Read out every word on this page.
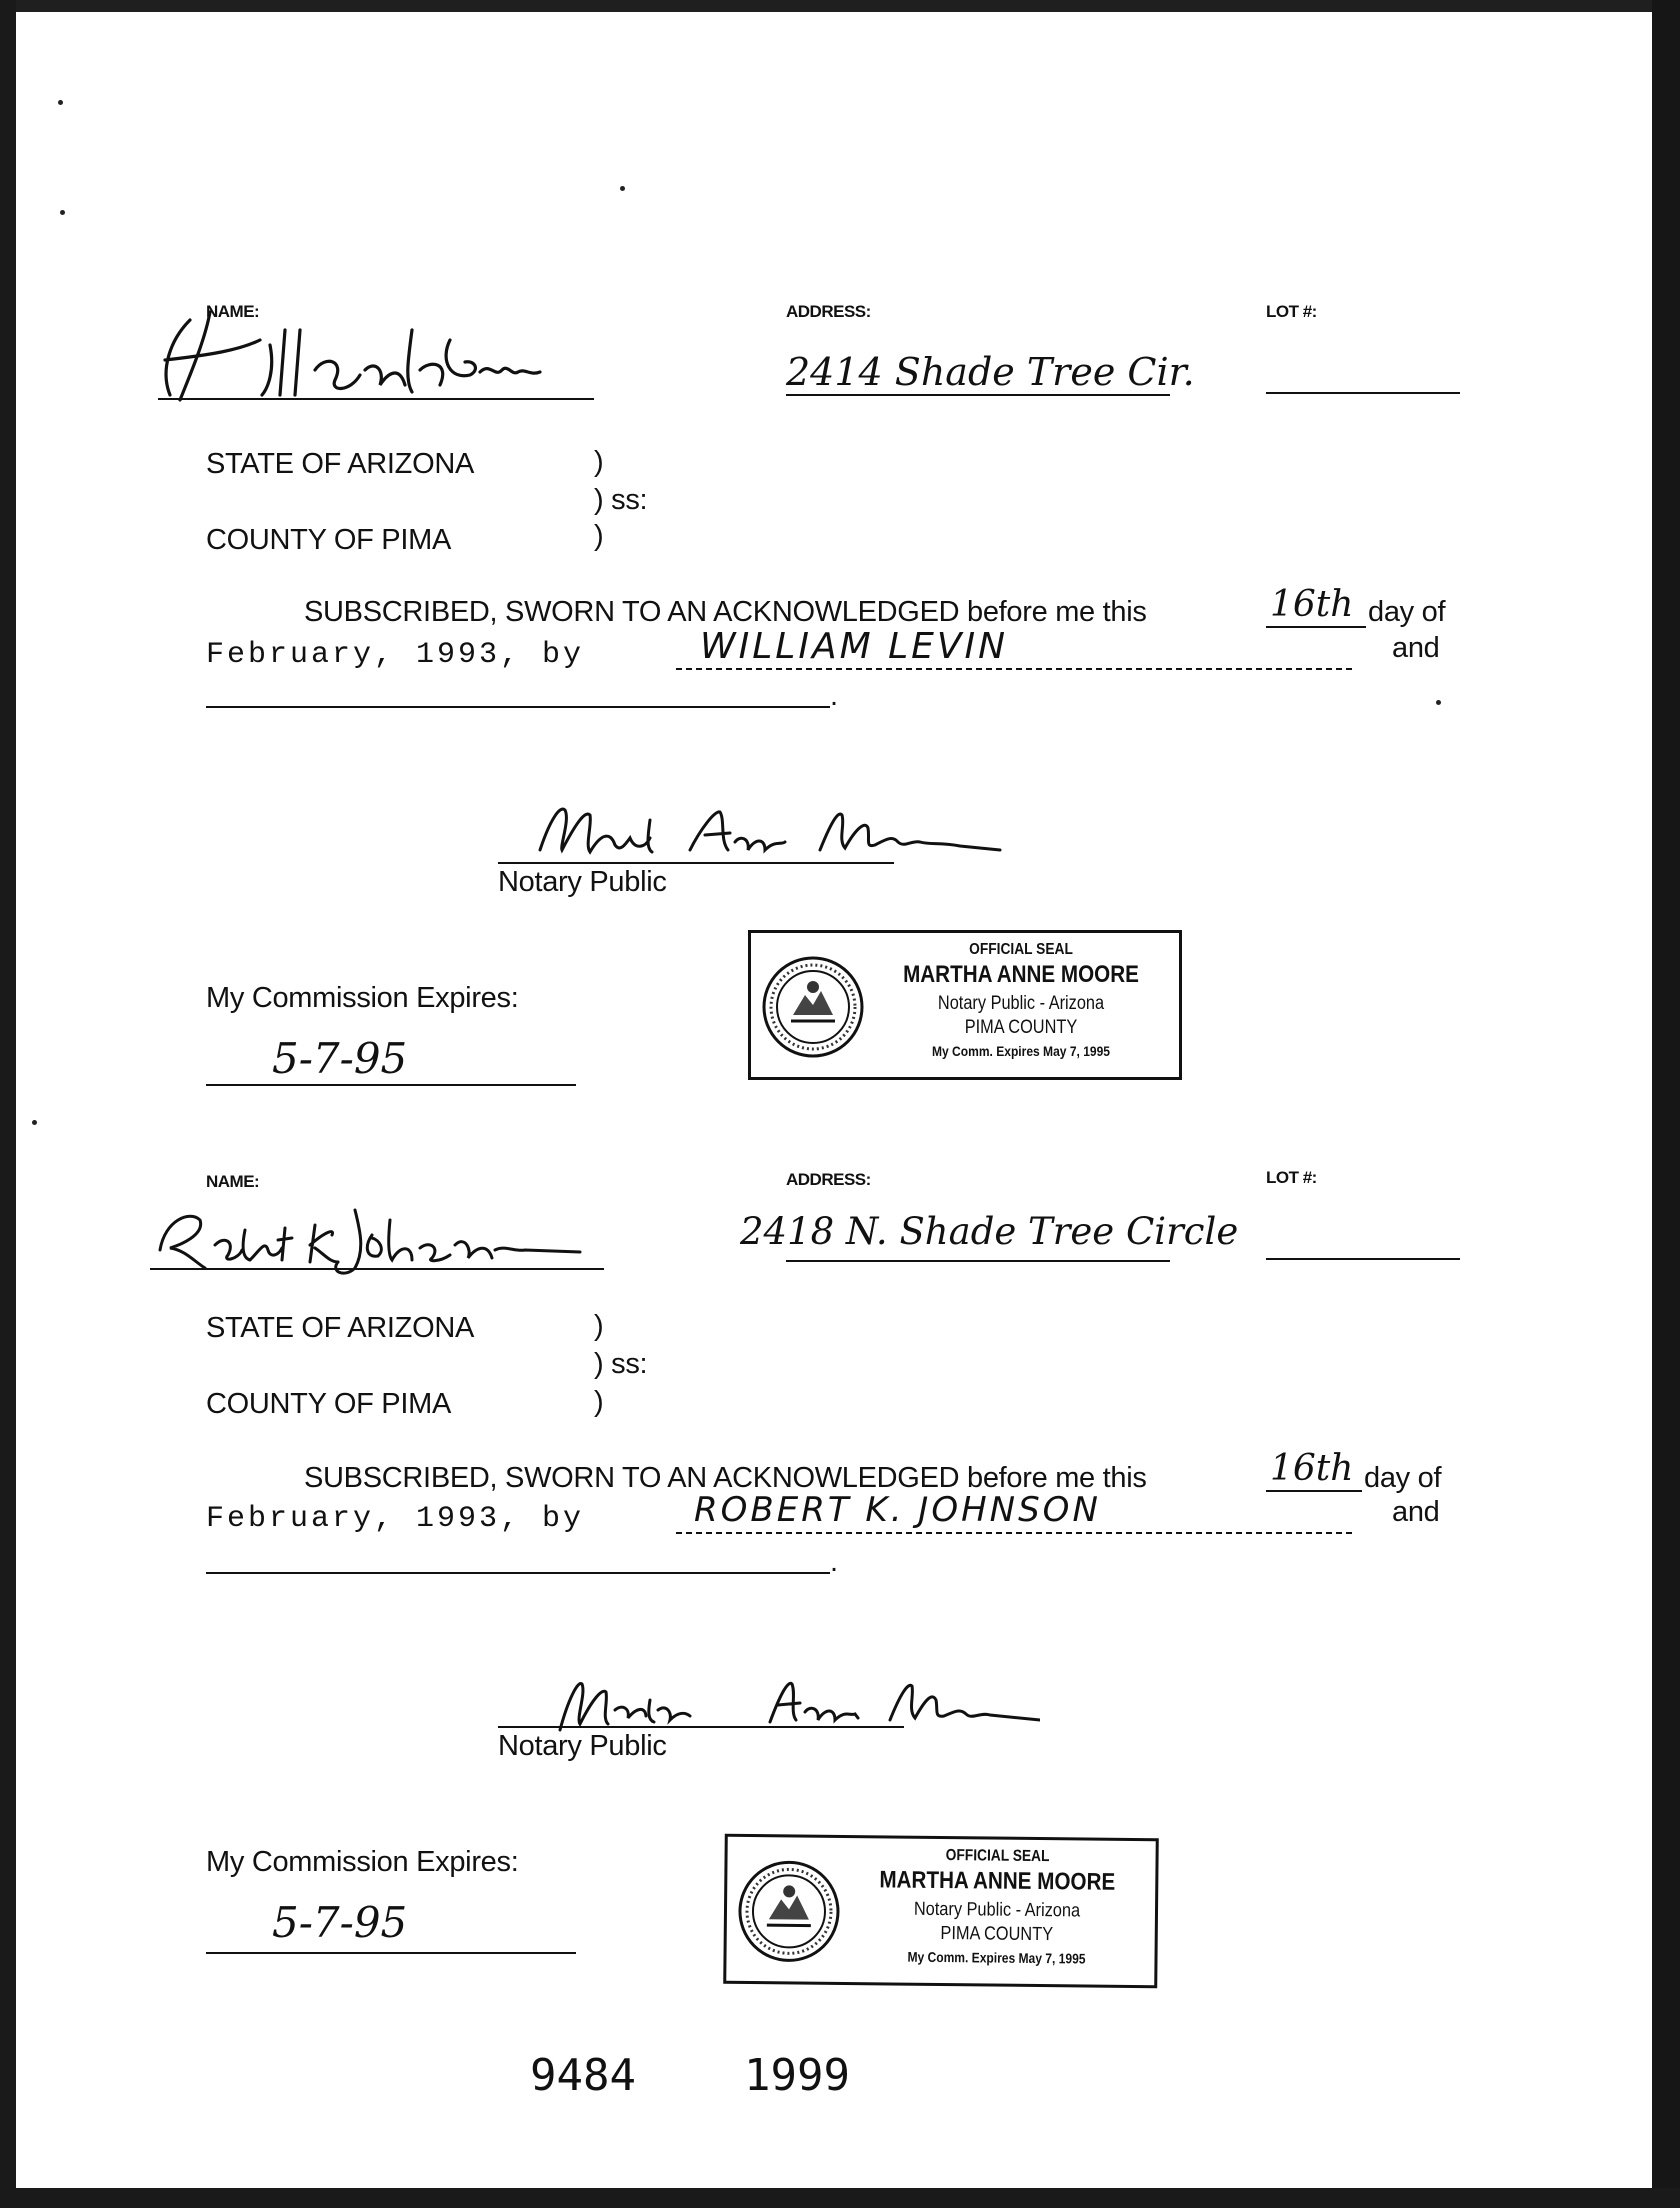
NAME:	ADDRESS:	LOT #:
2414 Shade Tree Cir.
STATE OF ARIZONA	)
) ss:
COUNTY OF PIMA	)
SUBSCRIBED, SWORN TO AN ACKNOWLEDGED before me this	16th day of
February, 1993, by	WILLIAM LEVIN	and
.
Notary Public
My Commission Expires:
5-7-95
OFFICIAL SEAL
MARTHA ANNE MOORE
Notary Public - Arizona
PIMA COUNTY
My Comm. Expires May 7, 1995
NAME:	ADDRESS:	LOT #:
2418 N. Shade Tree Circle
STATE OF ARIZONA	)
) ss:
COUNTY OF PIMA	)
SUBSCRIBED, SWORN TO AN ACKNOWLEDGED before me this	16th day of
February, 1993, by	ROBERT K. JOHNSON	and
.
Notary Public
My Commission Expires:
5-7-95
OFFICIAL SEAL
MARTHA ANNE MOORE
Notary Public - Arizona
PIMA COUNTY
My Comm. Expires May 7, 1995
9484 1999
